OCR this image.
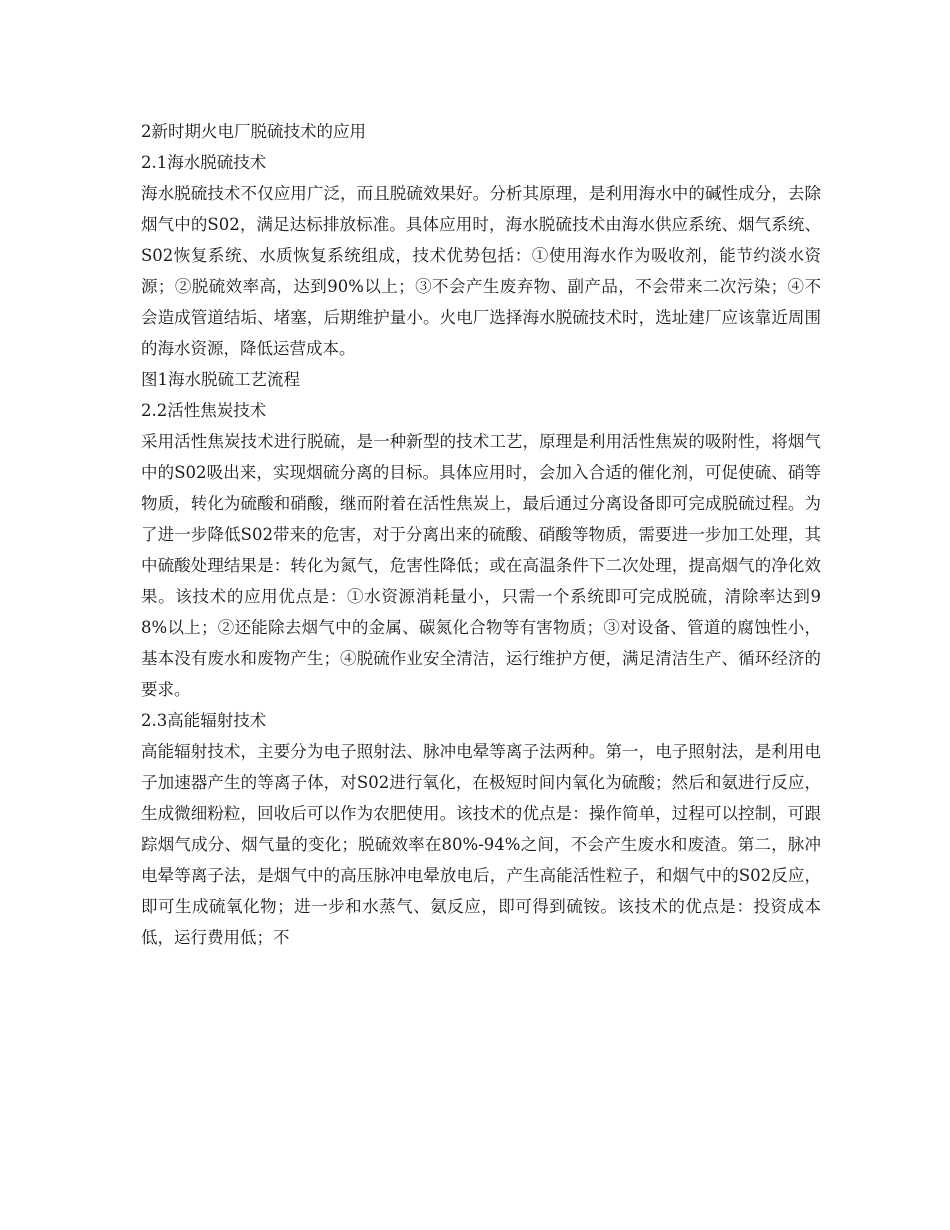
2新时期火电厂脱硫技术的应用

2.1海水脱硫技术

海水脱硫技术不仅应用广泛，而且脱硫效果好。分析其原理，是利用海水中的碱性成分，去除烟气中的S02，满足达标排放标准。具体应用时，海水脱硫技术由海水供应系统、烟气系统、S02恢复系统、水质恢复系统组成，技术优势包括：①使用海水作为吸收剂，能节约淡水资源；②脱硫效率高，达到90%以上；③不会产生废弃物、副产品，不会带来二次污染；④不会造成管道结垢、堵塞，后期维护量小。火电厂选择海水脱硫技术时，选址建厂应该靠近周围的海水资源，降低运营成本。

图1海水脱硫工艺流程

2.2活性焦炭技术

采用活性焦炭技术进行脱硫，是一种新型的技术工艺，原理是利用活性焦炭的吸附性，将烟气中的S02吸出来，实现烟硫分离的目标。具体应用时，会加入合适的催化剂，可促使硫、硝等物质，转化为硫酸和硝酸，继而附着在活性焦炭上，最后通过分离设备即可完成脱硫过程。为了进一步降低S02带来的危害，对于分离出来的硫酸、硝酸等物质，需要进一步加工处理，其中硫酸处理结果是：转化为氮气，危害性降低；或在高温条件下二次处理，提高烟气的净化效果。该技术的应用优点是：①水资源消耗量小，只需一个系统即可完成脱硫，清除率达到98%以上；②还能除去烟气中的金属、碳氮化合物等有害物质；③对设备、管道的腐蚀性小，基本没有废水和废物产生；④脱硫作业安全清洁，运行维护方便，满足清洁生产、循环经济的要求。

2.3高能辐射技术

高能辐射技术，主要分为电子照射法、脉冲电晕等离子法两种。第一，电子照射法，是利用电子加速器产生的等离子体，对S02进行氧化，在极短时间内氧化为硫酸；然后和氨进行反应，生成微细粉粒，回收后可以作为农肥使用。该技术的优点是：操作简单，过程可以控制，可跟踪烟气成分、烟气量的变化；脱硫效率在80%-94%之间，不会产生废水和废渣。第二，脉冲电晕等离子法，是烟气中的高压脉冲电晕放电后，产生高能活性粒子，和烟气中的S02反应，即可生成硫氧化物；进一步和水蒸气、氨反应，即可得到硫铵。该技术的优点是：投资成本低，运行费用低；不
